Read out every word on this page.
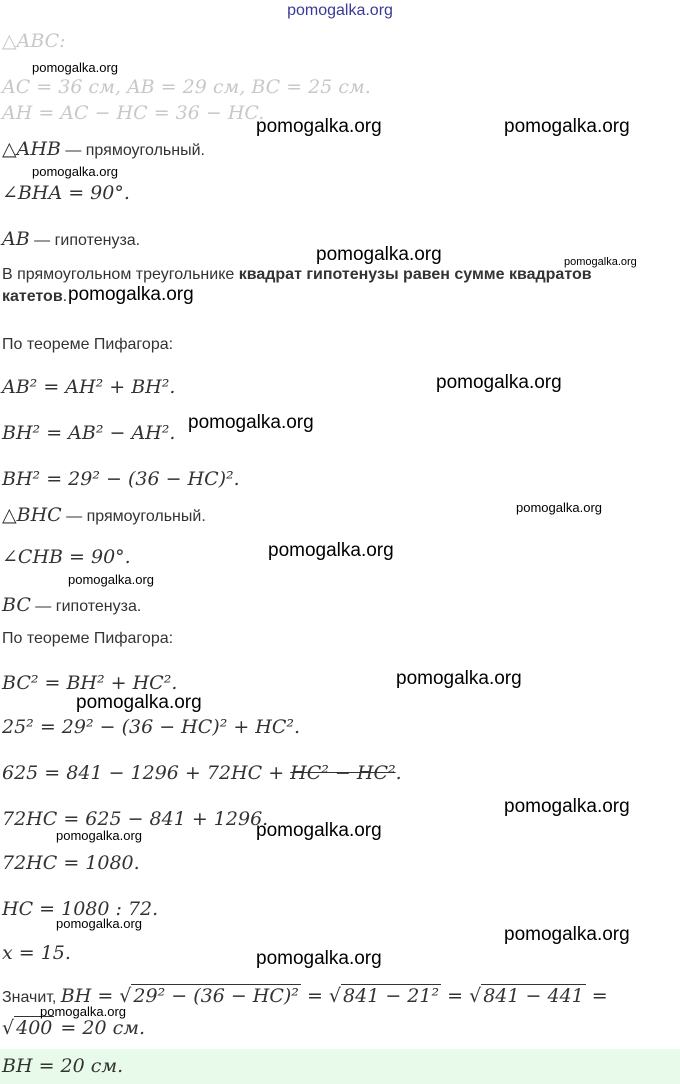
pomogalka.org
△ABC:
AC = 36 см, AB = 29 см, BC = 25 см.
AH = AC − HC = 36 − HC.
△AHB — прямоугольный.
∠BHA = 90°.
AB — гипотенуза.
В прямоугольном треугольнике квадрат гипотенузы равен сумме квадратов
катетов.
По теореме Пифагора:
AB² = AH² + BH².
BH² = AB² − AH².
BH² = 29² − (36 − HC)².
△BHC — прямоугольный.
∠CHB = 90°.
BC — гипотенуза.
По теореме Пифагора:
BC² = BH² + HC².
25² = 29² − (36 − HC)² + HC².
625 = 841 − 1296 + 72HC + HC² − HC².
72HC = 625 − 841 + 1296.
72HC = 1080.
HC = 1080 : 72.
x = 15.
Значит, BH = √ 29² − (36 − HC)² = √ 841 − 21² = √ 841 − 441 =
√ 400 = 20 см.
BH = 20 см.
pomogalka.org
pomogalka.org	pomogalka.org
pomogalka.org
pomogalka.org	pomogalka.org
pomogalka.org
pomogalka.org
pomogalka.org
pomogalka.org
pomogalka.org
pomogalka.org
pomogalka.org
pomogalka.org
pomogalka.org
pomogalka.org
pomogalka.org
pomogalka.org
pomogalka.org
pomogalka.org
pomogalka.org
